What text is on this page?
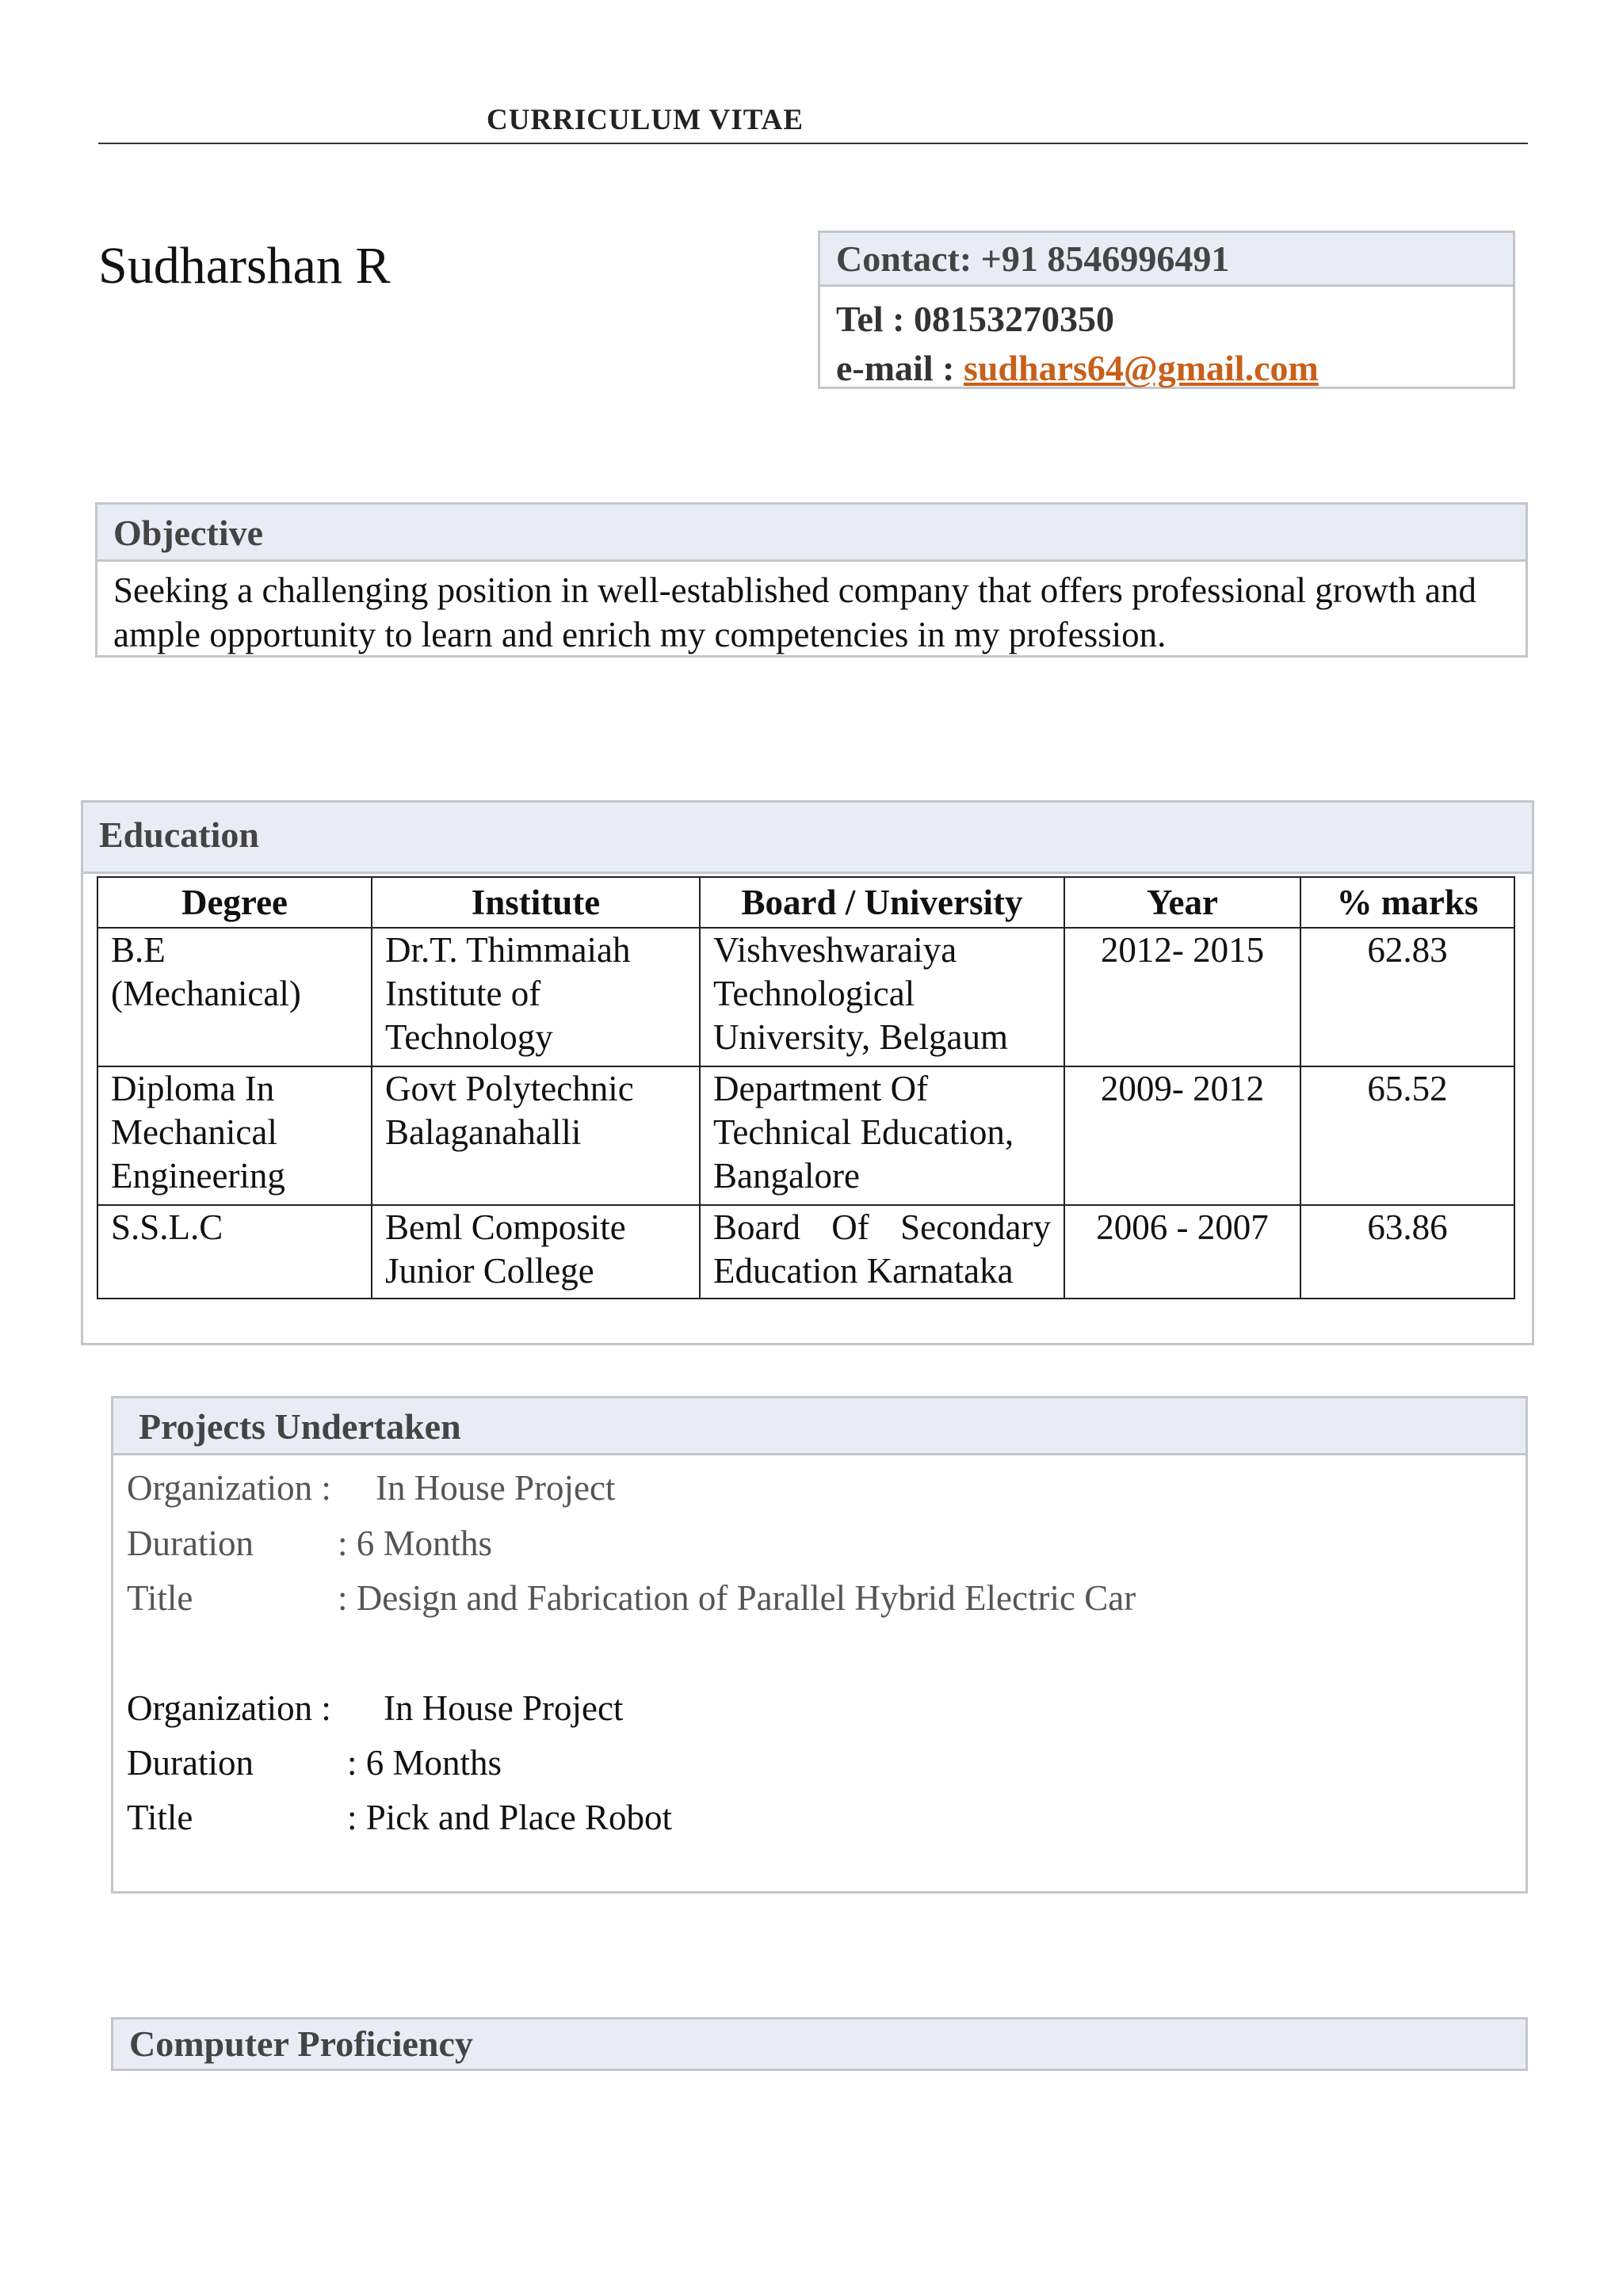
CURRICULUM VITAE
Sudharshan R	Contact: +91 8546996491
Tel : 08153270350
e-mail : sudhars64@gmail.com
Objective
Seeking a challenging position in well-established company that offers professional growth and ample opportunity to learn and enrich my competencies in my profession.
Education
Degree	Institute	Board / University	Year	% marks
B.E (Mechanical)	Dr.T. Thimmaiah Institute of Technology	Vishveshwaraiya Technological University, Belgaum	2012- 2015	62.83
Diploma In Mechanical Engineering	Govt Polytechnic Balaganahalli	Department Of Technical Education, Bangalore	2009- 2012	65.52
S.S.L.C	Beml Composite Junior College	Board Of Secondary Education Karnataka	2006 - 2007	63.86
Projects Undertaken
Organization : In House Project
Duration : 6 Months
Title	: Design and Fabrication of Parallel Hybrid Electric Car
Organization : In House Project
Duration	: 6 Months
Title	: Pick and Place Robot
Computer Proficiency
